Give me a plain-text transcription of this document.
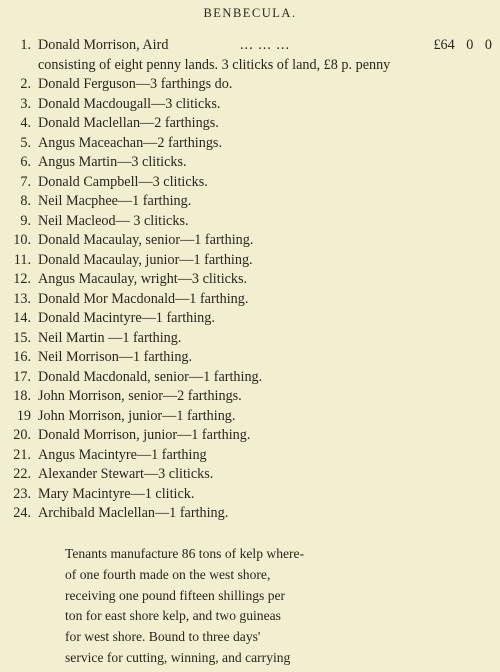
BENBECULA.
1. Donald Morrison, Aird	... ... ...	£64 0 0
consisting of eight penny lands. 3 cliticks of land, £8 p. penny
2. Donald Ferguson—3 farthings do.
3. Donald Macdougall—3 cliticks.
4. Donald Maclellan—2 farthings.
5. Angus Maceachan—2 farthings.
6. Angus Martin—3 cliticks.
7. Donald Campbell—3 cliticks.
8. Neil Macphee—1 farthing.
9. Neil Macleod— 3 cliticks.
10. Donald Macaulay, senior—1 farthing.
11. Donald Macaulay, junior—1 farthing.
12. Angus Macaulay, wright—3 cliticks.
13. Donald Mor Macdonald—1 farthing.
14. Donald Macintyre—1 farthing.
15. Neil Martin —1 farthing.
16. Neil Morrison—1 farthing.
17. Donald Macdonald, senior—1 farthing.
18. John Morrison, senior—2 farthings.
19 John Morrison, junior—1 farthing.
20. Donald Morrison, junior—1 farthing.
21. Angus Macintyre—1 farthing
22. Alexander Stewart—3 cliticks.
23. Mary Macintyre—1 clitick.
24. Archibald Maclellan—1 farthing.

Tenants manufacture 86 tons of kelp where-
of one fourth made on the west shore,
receiving one pound fifteen shillings per
ton for east shore kelp, and two guineas
for west shore. Bound to three days'
service for cutting, winning, and carrying
